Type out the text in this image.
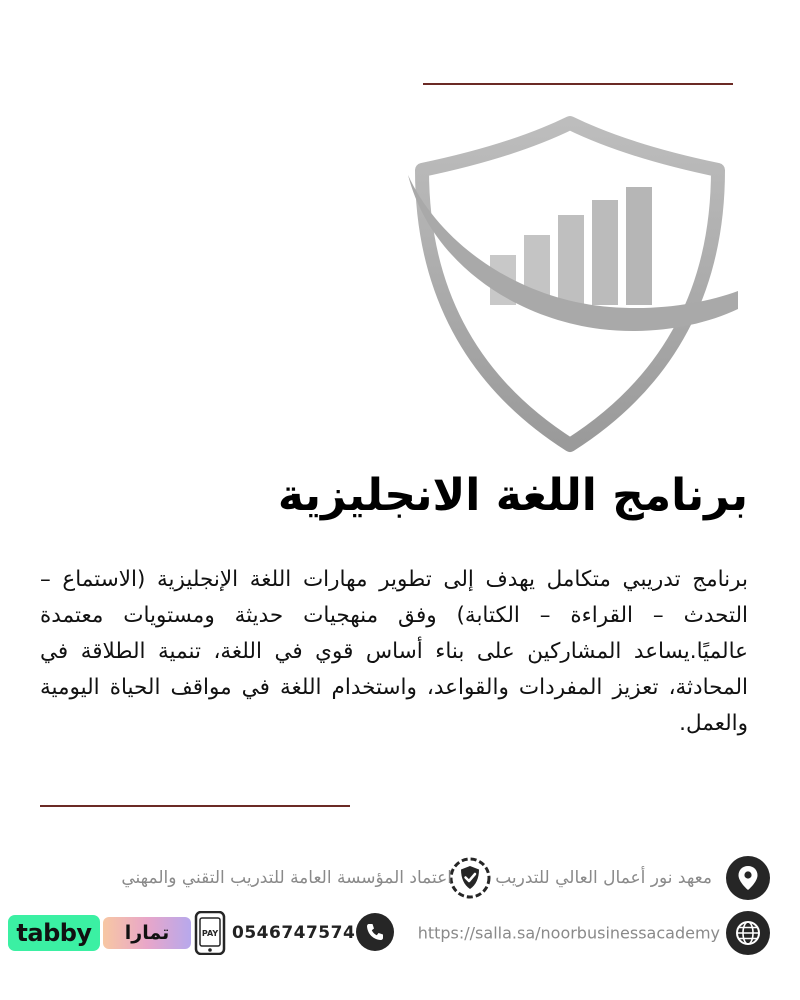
برنامج اللغة الانجليزية

برنامج تدريبي متكامل يهدف إلى تطوير مهارات اللغة الإنجليزية (الاستماع – التحدث – القراءة – الكتابة) وفق منهجيات حديثة ومستويات معتمدة عالميًا.يساعد المشاركين على بناء أساس قوي في اللغة، تنمية الطلاقة في المحادثة، تعزيز المفردات والقواعد، واستخدام اللغة في مواقف الحياة اليومية والعمل.

معهد نور أعمال العالي للتدريب
اعتماد المؤسسة العامة للتدريب التقني والمهني
https://salla.sa/noorbusinessacademy
0546747574
PAY
تمارا
tabby
